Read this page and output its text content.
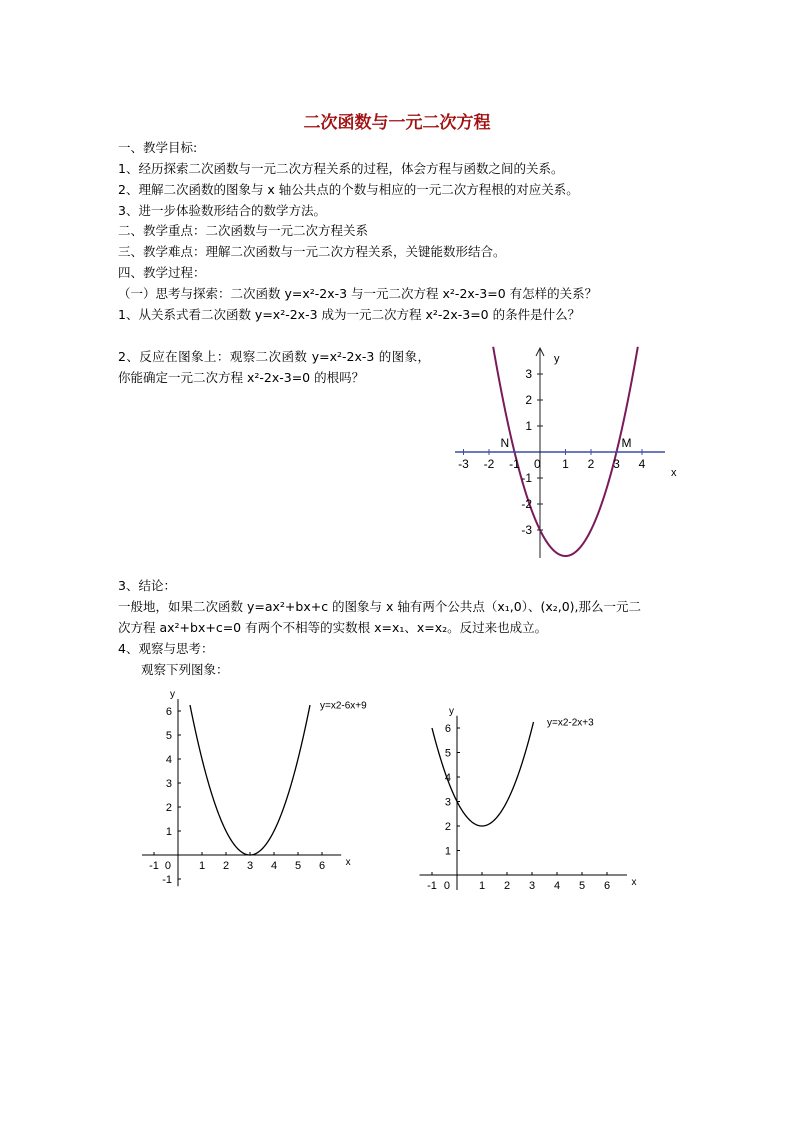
二次函数与一元二次方程
一、教学目标:
1、经历探索二次函数与一元二次方程关系的过程，体会方程与函数之间的关系。
2、理解二次函数的图象与 x 轴公共点的个数与相应的一元二次方程根的对应关系。
3、进一步体验数形结合的数学方法。
二、教学重点：二次函数与一元二次方程关系
三、教学难点：理解二次函数与一元二次方程关系，关键能数形结合。
四、教学过程：
（一）思考与探索：二次函数 y=x²-2x-3 与一元二次方程 x²-2x-3=0 有怎样的关系？
1、从关系式看二次函数 y=x²-2x-3 成为一元二次方程 x²-2x-3=0 的条件是什么？
2、反应在图象上：观察二次函数 y=x²-2x-3 的图象，你能确定一元二次方程 x²-2x-3=0 的根吗？
-3 -2 -1	1 2 3 4
3
2
1
-1
-2
-3
y
x
0
N	M
3、结论：
一般地，如果二次函数 y=ax²+bx+c 的图象与 x 轴有两个公共点（x₁,0）、(x₂,0),那么一元二
次方程 ax²+bx+c=0 有两个不相等的实数根 x=x₁、x=x₂。反过来也成立。
4、观察与思考：
观察下列图象：
-1	1 2 3 4 5 6
6
5
4
3
2
1
-1
y
x
0
y=x2-6x+9
-1	1 2 3 4 5 6
6
5
4
3
2
1
y
x
0
y=x2-2x+3
